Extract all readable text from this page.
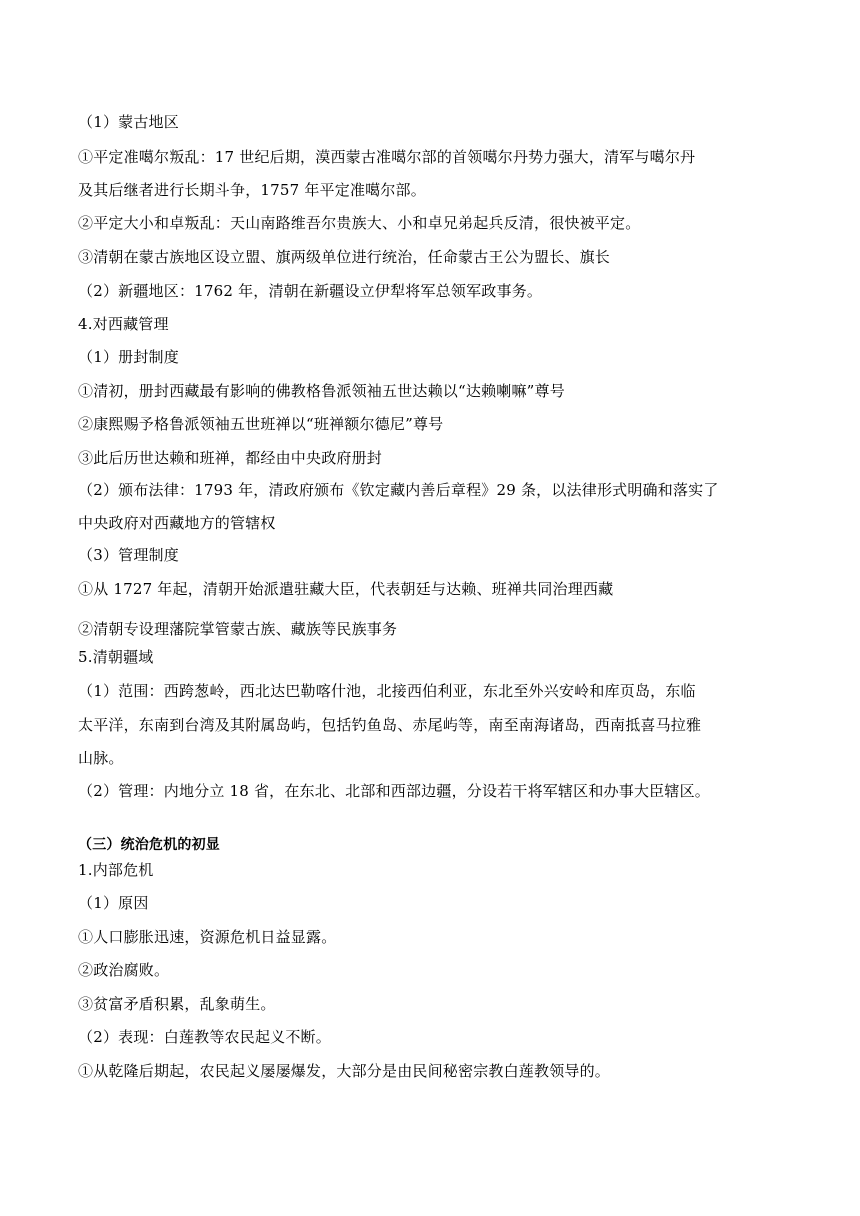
（1）蒙古地区
①平定准噶尔叛乱：17 世纪后期，漠西蒙古准噶尔部的首领噶尔丹势力强大，清军与噶尔丹
及其后继者进行长期斗争，1757 年平定准噶尔部。
②平定大小和卓叛乱：天山南路维吾尔贵族大、小和卓兄弟起兵反清，很快被平定。
③清朝在蒙古族地区设立盟、旗两级单位进行统治，任命蒙古王公为盟长、旗长
（2）新疆地区：1762 年，清朝在新疆设立伊犁将军总领军政事务。
4.对西藏管理
（1）册封制度
①清初，册封西藏最有影响的佛教格鲁派领袖五世达赖以“达赖喇嘛”尊号
②康熙赐予格鲁派领袖五世班禅以“班禅额尔德尼”尊号
③此后历世达赖和班禅，都经由中央政府册封
（2）颁布法律：1793 年，清政府颁布《钦定藏内善后章程》29 条，以法律形式明确和落实了
中央政府对西藏地方的管辖权
（3）管理制度
①从 1727 年起，清朝开始派遣驻藏大臣，代表朝廷与达赖、班禅共同治理西藏
②清朝专设理藩院掌管蒙古族、藏族等民族事务
5.清朝疆域
（1）范围：西跨葱岭，西北达巴勒喀什池，北接西伯利亚，东北至外兴安岭和库页岛，东临
太平洋，东南到台湾及其附属岛屿，包括钓鱼岛、赤尾屿等，南至南海诸岛，西南抵喜马拉雅
山脉。
（2）管理：内地分立 18 省，在东北、北部和西部边疆，分设若干将军辖区和办事大臣辖区。
（三）统治危机的初显
1.内部危机
（1）原因
①人口膨胀迅速，资源危机日益显露。
②政治腐败。
③贫富矛盾积累，乱象萌生。
（2）表现：白莲教等农民起义不断。
①从乾隆后期起，农民起义屡屡爆发，大部分是由民间秘密宗教白莲教领导的。
